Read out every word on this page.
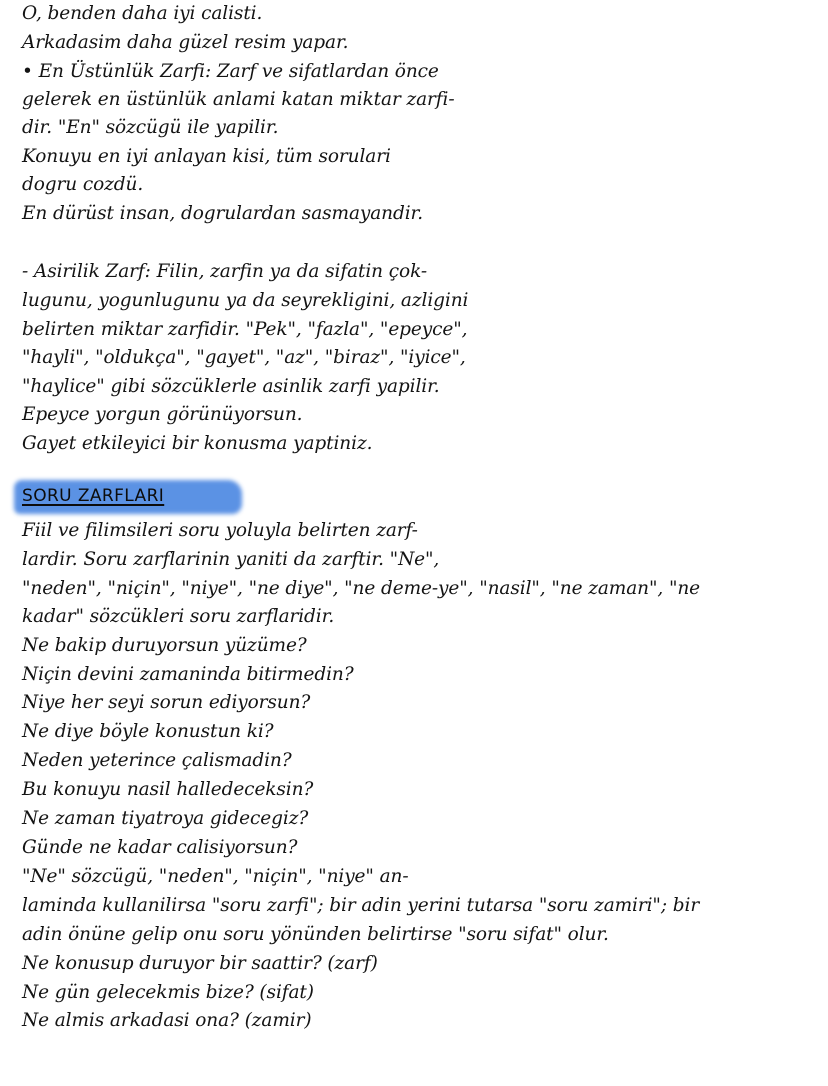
O, benden daha iyi calisti.
Arkadasim daha güzel resim yapar.
• En Üstünlük Zarfi: Zarf ve sifatlardan önce
gelerek en üstünlük anlami katan miktar zarfi-
dir. "En" sözcügü ile yapilir.
Konuyu en iyi anlayan kisi, tüm sorulari
dogru cozdü.
En dürüst insan, dogrulardan sasmayandir.
- Asirilik Zarf: Filin, zarfin ya da sifatin çok-
lugunu, yogunlugunu ya da seyrekligini, azligini
belirten miktar zarfidir. "Pek", "fazla", "epeyce",
"hayli", "oldukça", "gayet", "az", "biraz", "iyice",
"haylice" gibi sözcüklerle asinlik zarfi yapilir.
Epeyce yorgun görünüyorsun.
Gayet etkileyici bir konusma yaptiniz.
SORU ZARFLARI
Fiil ve filimsileri soru yoluyla belirten zarf-
lardir. Soru zarflarinin yaniti da zarftir. "Ne",
"neden", "niçin", "niye", "ne diye", "ne deme-ye", "nasil", "ne zaman", "ne
kadar" sözcükleri soru zarflaridir.
Ne bakip duruyorsun yüzüme?
Niçin devini zamaninda bitirmedin?
Niye her seyi sorun ediyorsun?
Ne diye böyle konustun ki?
Neden yeterince çalismadin?
Bu konuyu nasil halledeceksin?
Ne zaman tiyatroya gidecegiz?
Günde ne kadar calisiyorsun?
"Ne" sözcügü, "neden", "niçin", "niye" an-
laminda kullanilirsa "soru zarfi"; bir adin yerini tutarsa "soru zamiri"; bir
adin önüne gelip onu soru yönünden belirtirse "soru sifat" olur.
Ne konusup duruyor bir saattir? (zarf)
Ne gün gelecekmis bize? (sifat)
Ne almis arkadasi ona? (zamir)
